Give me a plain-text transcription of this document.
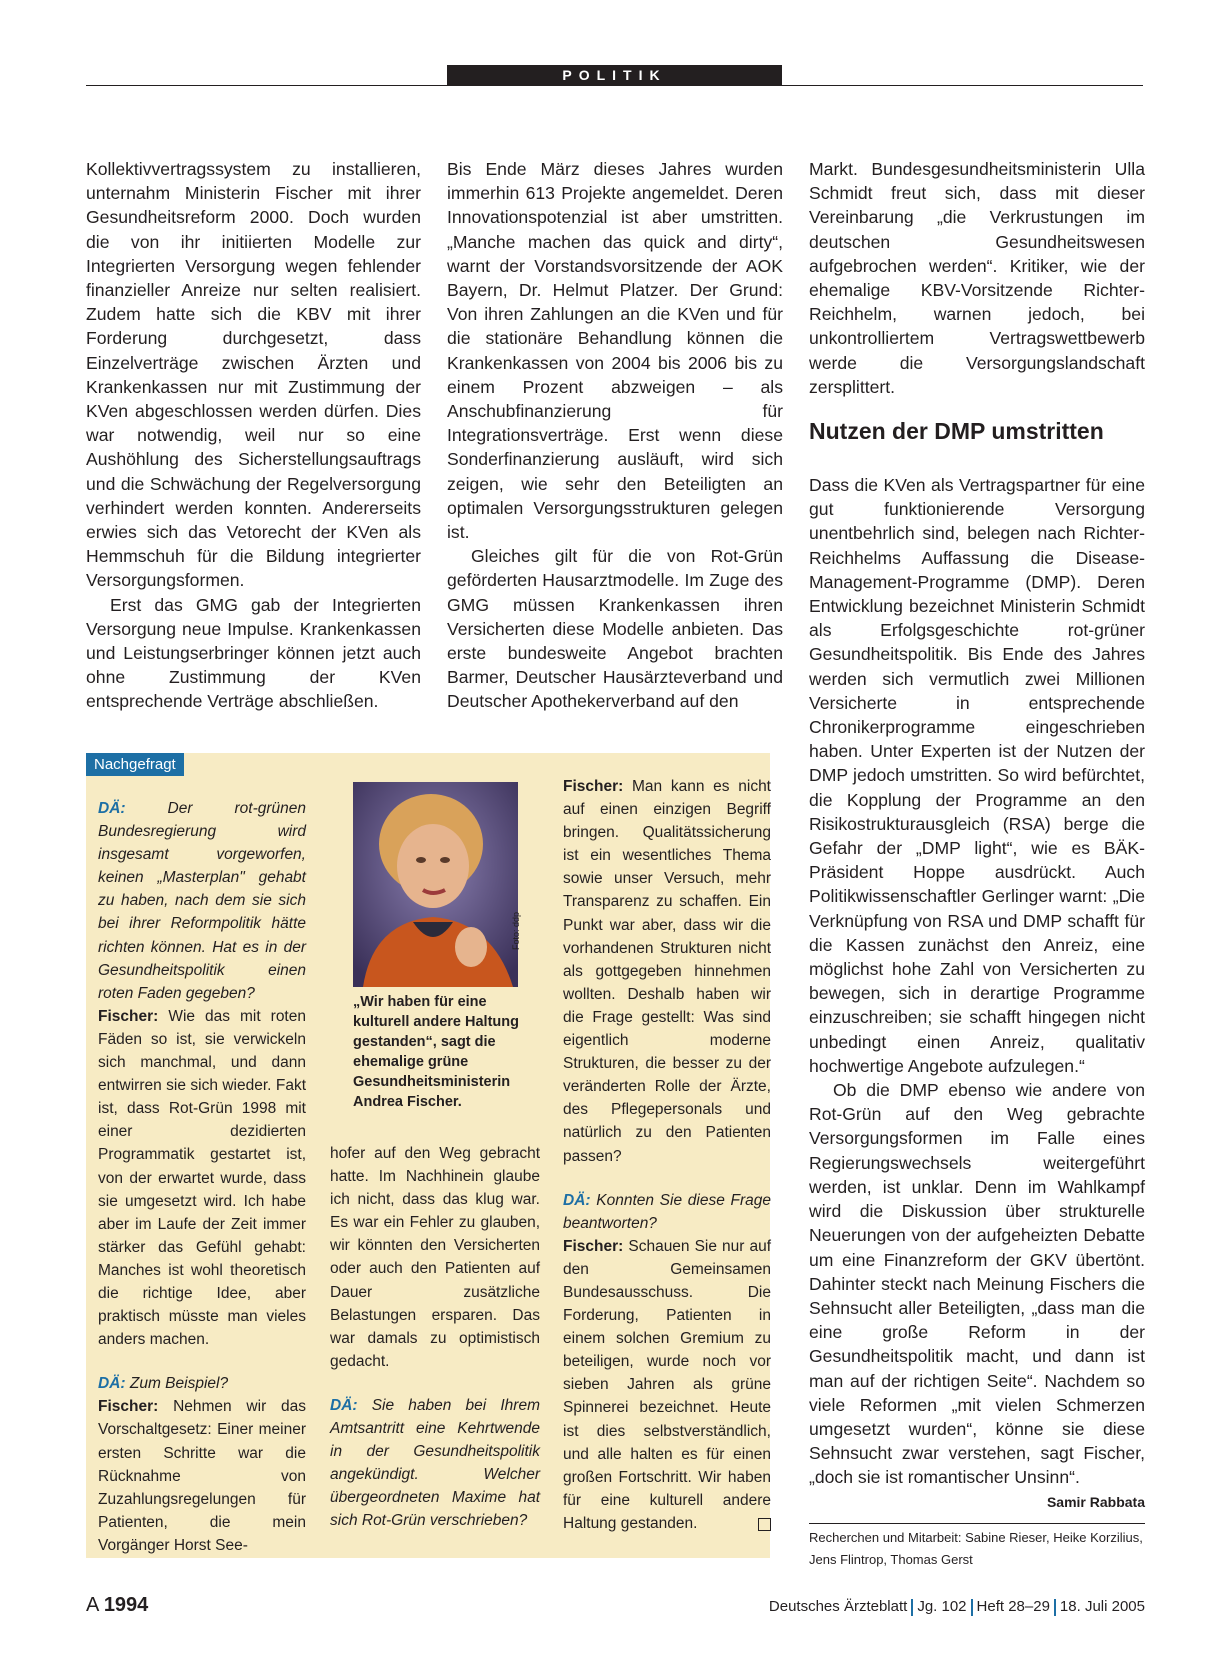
POLITIK

Kollektivvertragssystem zu installieren, unternahm Ministerin Fischer mit ihrer Gesundheitsreform 2000. Doch wurden die von ihr initiierten Modelle zur Integrierten Versorgung wegen fehlender finanzieller Anreize nur selten realisiert. Zudem hatte sich die KBV mit ihrer Forderung durchgesetzt, dass Einzelverträge zwischen Ärzten und Krankenkassen nur mit Zustimmung der KVen abgeschlossen werden dürfen. Dies war notwendig, weil nur so eine Aushöhlung des Sicherstellungsauftrags und die Schwächung der Regelversorgung verhindert werden konnten. Andererseits erwies sich das Vetorecht der KVen als Hemmschuh für die Bildung integrierter Versorgungsformen.

Erst das GMG gab der Integrierten Versorgung neue Impulse. Krankenkassen und Leistungserbringer können jetzt auch ohne Zustimmung der KVen entsprechende Verträge abschließen.

Bis Ende März dieses Jahres wurden immerhin 613 Projekte angemeldet. Deren Innovationspotenzial ist aber umstritten. „Manche machen das quick and dirty“, warnt der Vorstandsvorsitzende der AOK Bayern, Dr. Helmut Platzer. Der Grund: Von ihren Zahlungen an die KVen und für die stationäre Behandlung können die Krankenkassen von 2004 bis 2006 bis zu einem Prozent abzweigen – als Anschubfinanzierung für Integrationsverträge. Erst wenn diese Sonderfinanzierung ausläuft, wird sich zeigen, wie sehr den Beteiligten an optimalen Versorgungsstrukturen gelegen ist.

Gleiches gilt für die von Rot-Grün geförderten Hausarztmodelle. Im Zuge des GMG müssen Krankenkassen ihren Versicherten diese Modelle anbieten. Das erste bundesweite Angebot brachten Barmer, Deutscher Hausärzteverband und Deutscher Apothekerverband auf den

Markt. Bundesgesundheitsministerin Ulla Schmidt freut sich, dass mit dieser Vereinbarung „die Verkrustungen im deutschen Gesundheitswesen aufgebrochen werden“. Kritiker, wie der ehemalige KBV-Vorsitzende Richter-Reichhelm, warnen jedoch, bei unkontrolliertem Vertragswettbewerb werde die Versorgungslandschaft zersplittert.

Nutzen der DMP umstritten

Dass die KVen als Vertragspartner für eine gut funktionierende Versorgung unentbehrlich sind, belegen nach Richter-Reichhelms Auffassung die Disease-Management-Programme (DMP). Deren Entwicklung bezeichnet Ministerin Schmidt als Erfolgsgeschichte rot-grüner Gesundheitspolitik. Bis Ende des Jahres werden sich vermutlich zwei Millionen Versicherte in entsprechende Chronikerprogramme eingeschrieben haben. Unter Experten ist der Nutzen der DMP jedoch umstritten. So wird befürchtet, die Kopplung der Programme an den Risikostrukturausgleich (RSA) berge die Gefahr der „DMP light“, wie es BÄK-Präsident Hoppe ausdrückt. Auch Politikwissenschaftler Gerlinger warnt: „Die Verknüpfung von RSA und DMP schafft für die Kassen zunächst den Anreiz, eine möglichst hohe Zahl von Versicherten zu bewegen, sich in derartige Programme einzuschreiben; sie schafft hingegen nicht unbedingt einen Anreiz, qualitativ hochwertige Angebote aufzulegen.“

Ob die DMP ebenso wie andere von Rot-Grün auf den Weg gebrachte Versorgungsformen im Falle eines Regierungswechsels weitergeführt werden, ist unklar. Denn im Wahlkampf wird die Diskussion über strukturelle Neuerungen von der aufgeheizten Debatte um eine Finanzreform der GKV übertönt. Dahinter steckt nach Meinung Fischers die Sehnsucht aller Beteiligten, „dass man die eine große Reform in der Gesundheitspolitik macht, und dann ist man auf der richtigen Seite“. Nachdem so viele Reformen „mit vielen Schmerzen umgesetzt wurden“, könne sie diese Sehnsucht zwar verstehen, sagt Fischer, „doch sie ist romantischer Unsinn“.
Samir Rabbata

Nachgefragt

DÄ:	Der rot-grünen Bundesregierung wird insgesamt vorgeworfen, keinen „Masterplan" gehabt zu haben, nach dem sie sich bei ihrer Reformpolitik hätte richten können. Hat es in der Gesundheitspolitik einen roten Faden gegeben?

Fischer: Wie das mit roten Fäden so ist, sie verwickeln sich manchmal, und dann entwirren sie sich wieder. Fakt ist, dass Rot-Grün 1998 mit einer dezidierten Programmatik gestartet ist, von der erwartet wurde, dass sie umgesetzt wird. Ich habe aber im Laufe der Zeit immer stärker das Gefühl gehabt: Manches ist wohl theoretisch die richtige Idee, aber praktisch müsste man vieles anders machen.

DÄ: Zum Beispiel?

Fischer: Nehmen wir das Vorschaltgesetz: Einer meiner ersten Schritte war die Rücknahme von Zuzahlungsregelungen für Patienten, die mein Vorgänger Horst See-

Foto: ddp
„Wir haben für eine kulturell andere Haltung gestanden“, sagt die ehemalige grüne Gesundheitsministerin Andrea Fischer.

hofer auf den Weg gebracht hatte. Im Nachhinein glaube ich nicht, dass das klug war. Es war ein Fehler zu glauben, wir könnten den Versicherten oder auch den Patienten auf Dauer zusätzliche Belastungen ersparen. Das war damals zu optimistisch gedacht.

DÄ: Sie haben bei Ihrem Amtsantritt eine Kehrtwende in der Gesundheitspolitik angekündigt. Welcher übergeordneten Maxime hat sich Rot-Grün verschrieben?

Fischer: Man kann es nicht auf einen einzigen Begriff bringen. Qualitätssicherung ist ein wesentliches Thema sowie unser Versuch, mehr Transparenz zu schaffen. Ein Punkt war aber, dass wir die vorhandenen Strukturen nicht als gottgegeben hinnehmen wollten. Deshalb haben wir die Frage gestellt: Was sind eigentlich moderne Strukturen, die besser zu der veränderten Rolle der Ärzte, des Pflegepersonals und natürlich zu den Patienten passen?

DÄ: Konnten Sie diese Frage beantworten?

Fischer: Schauen Sie nur auf den Gemeinsamen Bundesausschuss. Die Forderung, Patienten in einem solchen Gremium zu beteiligen, wurde noch vor sieben Jahren als grüne Spinnerei bezeichnet. Heute ist dies selbstverständlich, und alle halten es für einen großen Fortschritt. Wir haben für eine kulturell andere Haltung gestanden.

Recherchen und Mitarbeit: Sabine Rieser, Heike Korzilius, Jens Flintrop, Thomas Gerst
A 1994	Deutsches Ärzteblatt Jg. 102 Heft 28–29 18. Juli 2005
